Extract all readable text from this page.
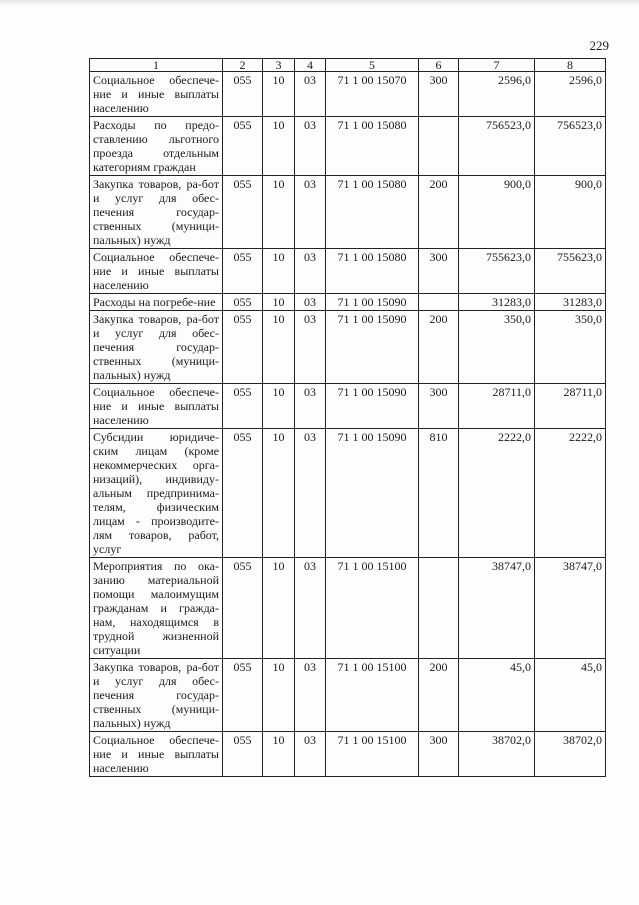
229
1	2	3	4	5	6	7	8
Социальное обеспече-ние и иные выплаты населению	055	10	03	71 1 00 15070	300	2596,0	2596,0
Расходы по предо-ставлению льготного проезда отдельным категориям граждан	055	10	03	71 1 00 15080		756523,0	756523,0
Закупка товаров, ра-бот и услуг для обес-печения государ-ственных (муници-пальных) нужд	055	10	03	71 1 00 15080	200	900,0	900,0
Социальное обеспече-ние и иные выплаты населению	055	10	03	71 1 00 15080	300	755623,0	755623,0
Расходы на погребе-ние	055	10	03	71 1 00 15090		31283,0	31283,0
Закупка товаров, ра-бот и услуг для обес-печения государ-ственных (муници-пальных) нужд	055	10	03	71 1 00 15090	200	350,0	350,0
Социальное обеспече-ние и иные выплаты населению	055	10	03	71 1 00 15090	300	28711,0	28711,0
Субсидии юридиче-ским лицам (кроме некоммерческих орга-низаций), индивиду-альным предпринима-телям, физическим лицам - производите-лям товаров, работ, услуг	055	10	03	71 1 00 15090	810	2222,0	2222,0
Мероприятия по ока-занию материальной помощи малоимущим гражданам и гражда-нам, находящимся в трудной жизненной ситуации	055	10	03	71 1 00 15100		38747,0	38747,0
Закупка товаров, ра-бот и услуг для обес-печения государ-ственных (муници-пальных) нужд	055	10	03	71 1 00 15100	200	45,0	45,0
Социальное обеспече-ние и иные выплаты населению	055	10	03	71 1 00 15100	300	38702,0	38702,0
